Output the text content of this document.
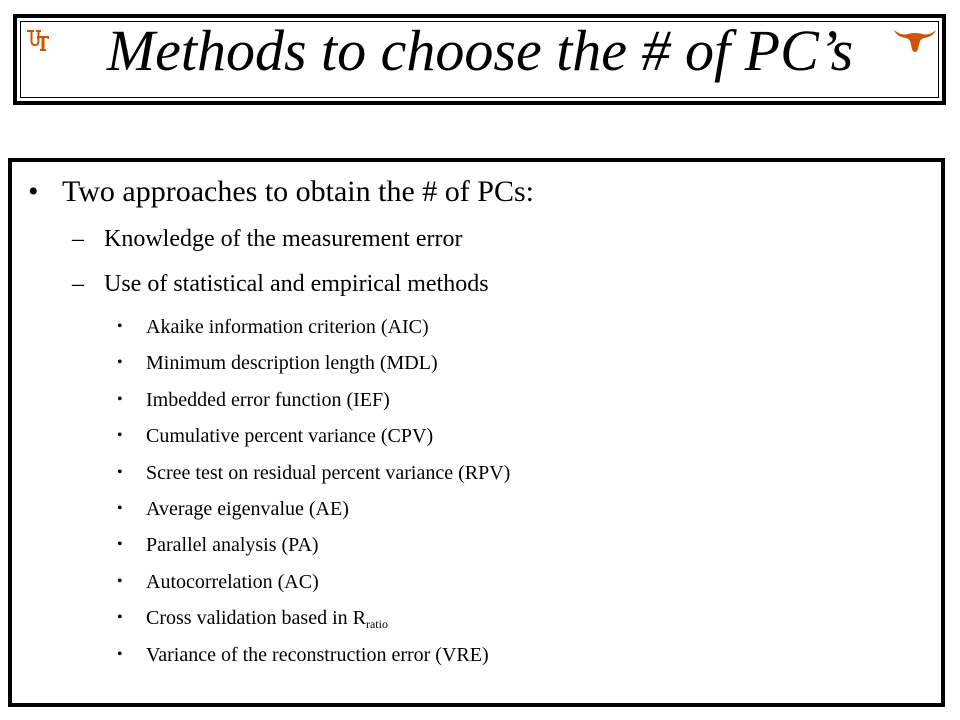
Methods to choose the # of PC’s
• Two approaches to obtain the # of PCs:
– Knowledge of the measurement error
– Use of statistical and empirical methods
• Akaike information criterion (AIC)
• Minimum description length (MDL)
• Imbedded error function (IEF)
• Cumulative percent variance (CPV)
• Scree test on residual percent variance (RPV)
• Average eigenvalue (AE)
• Parallel analysis (PA)
• Autocorrelation (AC)
• Cross validation based in $R_{ratio}$
• Variance of the reconstruction error (VRE)
